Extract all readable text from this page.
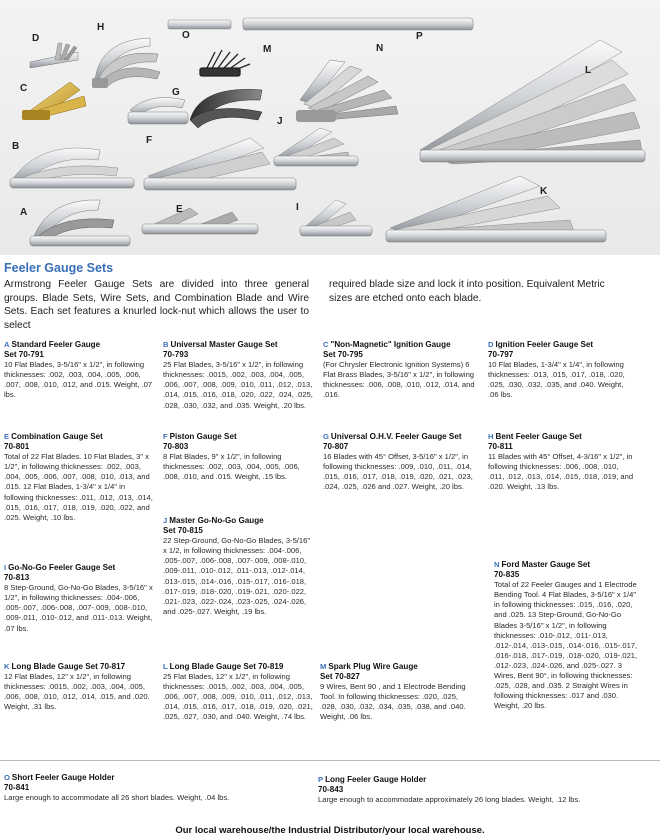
D
H
O
M	N
P
C	G
L
B
F
J
E
A	I
K
Feeler Gauge Sets

Armstrong Feeler Gauge Sets are divided into three general groups. Blade Sets, Wire Sets, and Combination Blade and Wire Sets. Each set features a knurled lock-nut which allows the user to select

required blade size and lock it into position. Equivalent Metric sizes are etched onto each blade.

A Standard Feeler Gauge
Set 70-791
10 Flat Blades, 3-5/16" x 1/2", in following thicknesses: .002, .003, .004, .005, .006, .007, .008, .010, .012, and .015. Weight, .07 lbs.
B Universal Master Gauge Set
70-793
25 Flat Blades, 3-5/16" x 1/2", in following thicknesses: .0015, .002, .003, .004, .005, .006, .007, .008, .009, .010, .011, .012, .013, .014, .015, .016, .018, .020, .022, .024, .025, .028, .030, .032, and .035. Weight, .20 lbs.
C "Non-Magnetic" Ignition Gauge
Set 70-795
(For Chrysler Electronic Ignition Systems) 6 Flat Brass Blades, 3-5/16" x 1/2", in following thicknesses: .006, .008, .010, .012, .014, and .016.
D Ignition Feeler Gauge Set
70-797
10 Flat Blades, 1-3/4" x 1/4", in following thicknesses: .013, .015, .017, .018, .020, .025, .030, .032, .035, and .040. Weight, .06 lbs.
E Combination Gauge Set
70-801
Total of 22 Flat Blades. 10 Flat Blades, 3" x 1/2", in following thicknesses: .002, .003, .004, .005, .006, .007, .008, .010, .013, and .015. 12 Flat Blades, 1-3/4" x 1/4" in following thicknesses: .011, .012, .013, .014, .015, .016, .017, .018, .019, .020, .022, and .025. Weight, .10 lbs.
F Piston Gauge Set
70-803
8 Flat Blades, 9" x 1/2", in following thicknesses: .002, .003, .004, .005, .006, .008, .010, and .015. Weight, .15 lbs.
G Universal O.H.V. Feeler Gauge Set
70-807
16 Blades with 45° Offset, 3-5/16" x 1/2", in following thicknesses: .009, .010, .011, .014, .015, .016, .017, .018, .019, .020, .021, .023, .024, .025, .026 and .027. Weight, .20 lbs.
H Bent Feeler Gauge Set
70-811
11 Blades with 45° Offset, 4-3/16" x 1/2", in following thicknesses: .006, .008, .010, .011, .012, .013, .014, .015, .018, .019, and .020. Weight, .13 lbs.
J Master Go-No-Go Gauge
Set 70-815
22 Step-Ground, Go-No-Go Blades, 3-5/16" x 1/2, in following thicknesses: .004-.006, .005-.007, .006-.008, .007-.009, .008-.010, .009-.011, .010-.012, .011-.013, .012-.014, .013-.015, .014-.016, .015-.017, .016-.018, .017-.019, .018-.020, .019-.021, .020-.022, .021-.023, .022-.024, .023-.025, .024-.026, and .025-.027. Weight, .19 lbs.
I Go-No-Go Feeler Gauge Set
70-813
8 Step-Ground, Go-No-Go Blades, 3-5/16" x 1/2", in following thicknesses: .004-.006, .005-.007, .006-.008, .007-.009, .008-.010, .009-.011, .010-.012, and .011-.013. Weight, .07 lbs.
N Ford Master Gauge Set
70-835
Total of 22 Feeler Gauges and 1 Electrode Bending Tool. 4 Flat Blades, 3-5/16" x 1/4" in following thicknesses: .015, .016, .020, and .025. 13 Step-Ground, Go-No-Go Blades 3-5/16" x 1/2", in following thicknesses: .010-.012, .011-.013, .012-.014, .013-.015, .014-.016, .015-.017, .016-.018, .017-.019, .018-.020, .019-.021, .012-.023, .024-.026, and .025-.027. 3 Wires, Bent 90°, in following thicknesses: .025, .028, and .035. 2 Straight Wires in following thicknesses: .017 and .030. Weight, .20 lbs.
K Long Blade Gauge Set 70-817
12 Flat Blades, 12" x 1/2", in following thicknesses: .0015, .002, .003, .004, .005, .006, .008, .010, .012, .014, .015, and .020. Weight, .31 lbs.
L Long Blade Gauge Set 70-819
25 Flat Blades, 12" x 1/2", in following thicknesses: .0015, .002, .003, .004, .005, .006, .007, .008, .009, .010, .011, .012, .013, .014, .015, .016, .017, .018, .019, .020, .021, .025, .027, .030, and .040. Weight, .74 lbs.
M Spark Plug Wire Gauge
Set 70-827
9 Wires, Bent 90 , and 1 Electrode Bending Tool. In following thicknesses: .020, .025, .028, .030, .032, .034, .035, .038, and .040. Weight, .06 lbs.
O Short Feeler Gauge Holder
70-841
Large enough to accommodate all 26 short blades. Weight, .04 lbs.
P Long Feeler Gauge Holder
70-843
Large enough to accommodate approximately 26 long blades. Weight, .12 lbs.

Our local warehouse/the Industrial Distributor/your local warehouse.
